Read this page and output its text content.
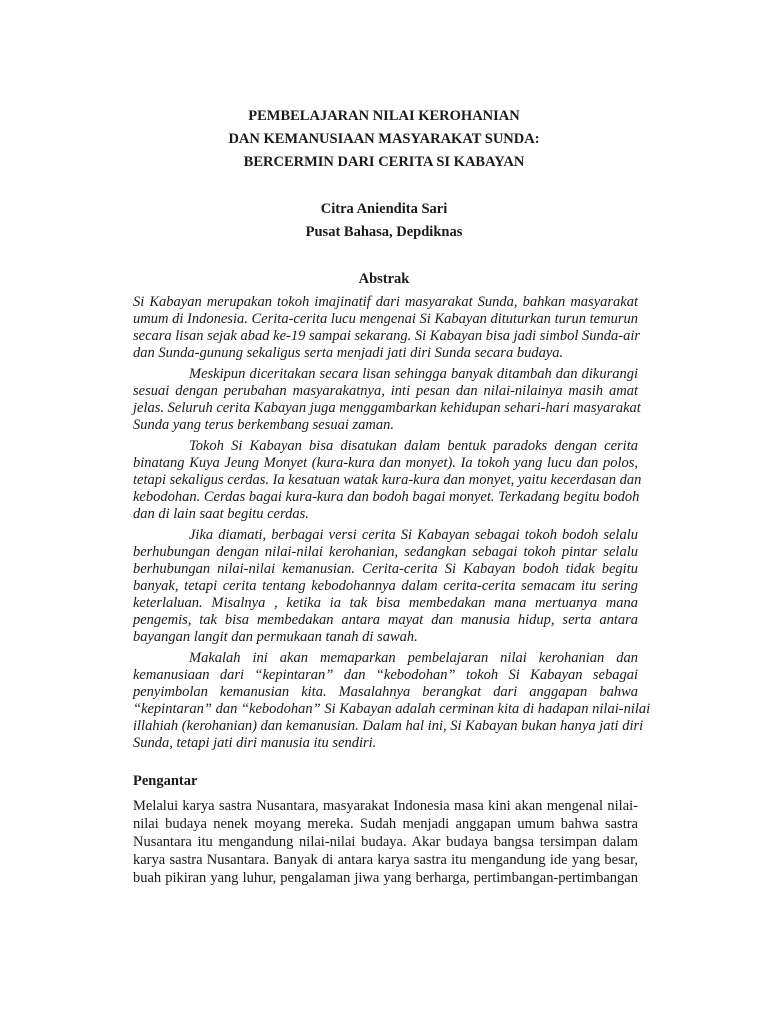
PEMBELAJARAN NILAI KEROHANIAN
DAN KEMANUSIAAN MASYARAKAT SUNDA:
BERCERMIN DARI CERITA SI KABAYAN
Citra Aniendita Sari
Pusat Bahasa, Depdiknas
Abstrak
Si Kabayan merupakan tokoh imajinatif dari masyarakat Sunda, bahkan masyarakat
umum di Indonesia. Cerita-cerita lucu mengenai Si Kabayan dituturkan turun temurun
secara lisan sejak abad ke-19 sampai sekarang. Si Kabayan bisa jadi simbol Sunda-air
dan Sunda-gunung sekaligus serta menjadi jati diri Sunda secara budaya.
Meskipun diceritakan secara lisan sehingga banyak ditambah dan dikurangi
sesuai dengan perubahan masyarakatnya, inti pesan dan nilai-nilainya masih amat
jelas. Seluruh cerita Kabayan juga menggambarkan kehidupan sehari-hari masyarakat
Sunda yang terus berkembang sesuai zaman.
Tokoh Si Kabayan bisa disatukan dalam bentuk paradoks dengan cerita
binatang Kuya Jeung Monyet (kura-kura dan monyet). Ia tokoh yang lucu dan polos,
tetapi sekaligus cerdas. Ia kesatuan watak kura-kura dan monyet, yaitu kecerdasan dan
kebodohan. Cerdas bagai kura-kura dan bodoh bagai monyet. Terkadang begitu bodoh
dan di lain saat begitu cerdas.
Jika diamati, berbagai versi cerita Si Kabayan sebagai tokoh bodoh selalu
berhubungan dengan nilai-nilai kerohanian, sedangkan sebagai tokoh pintar selalu
berhubungan nilai-nilai kemanusian. Cerita-cerita Si Kabayan bodoh tidak begitu
banyak, tetapi cerita tentang kebodohannya dalam cerita-cerita semacam itu sering
keterlaluan. Misalnya , ketika ia tak bisa membedakan mana mertuanya mana
pengemis, tak bisa membedakan antara mayat dan manusia hidup, serta antara
bayangan langit dan permukaan tanah di sawah.
Makalah ini akan memaparkan pembelajaran nilai kerohanian dan
kemanusiaan dari “kepintaran” dan “kebodohan” tokoh Si Kabayan sebagai
penyimbolan kemanusian kita. Masalahnya berangkat dari anggapan bahwa
“kepintaran” dan “kebodohan” Si Kabayan adalah cerminan kita di hadapan nilai-nilai
illahiah (kerohanian) dan kemanusian. Dalam hal ini, Si Kabayan bukan hanya jati diri
Sunda, tetapi jati diri manusia itu sendiri.
Pengantar
Melalui karya sastra Nusantara, masyarakat Indonesia masa kini akan mengenal nilai-
nilai budaya nenek moyang mereka. Sudah menjadi anggapan umum bahwa sastra
Nusantara itu mengandung nilai-nilai budaya. Akar budaya bangsa tersimpan dalam
karya sastra Nusantara. Banyak di antara karya sastra itu mengandung ide yang besar,
buah pikiran yang luhur, pengalaman jiwa yang berharga, pertimbangan-pertimbangan
